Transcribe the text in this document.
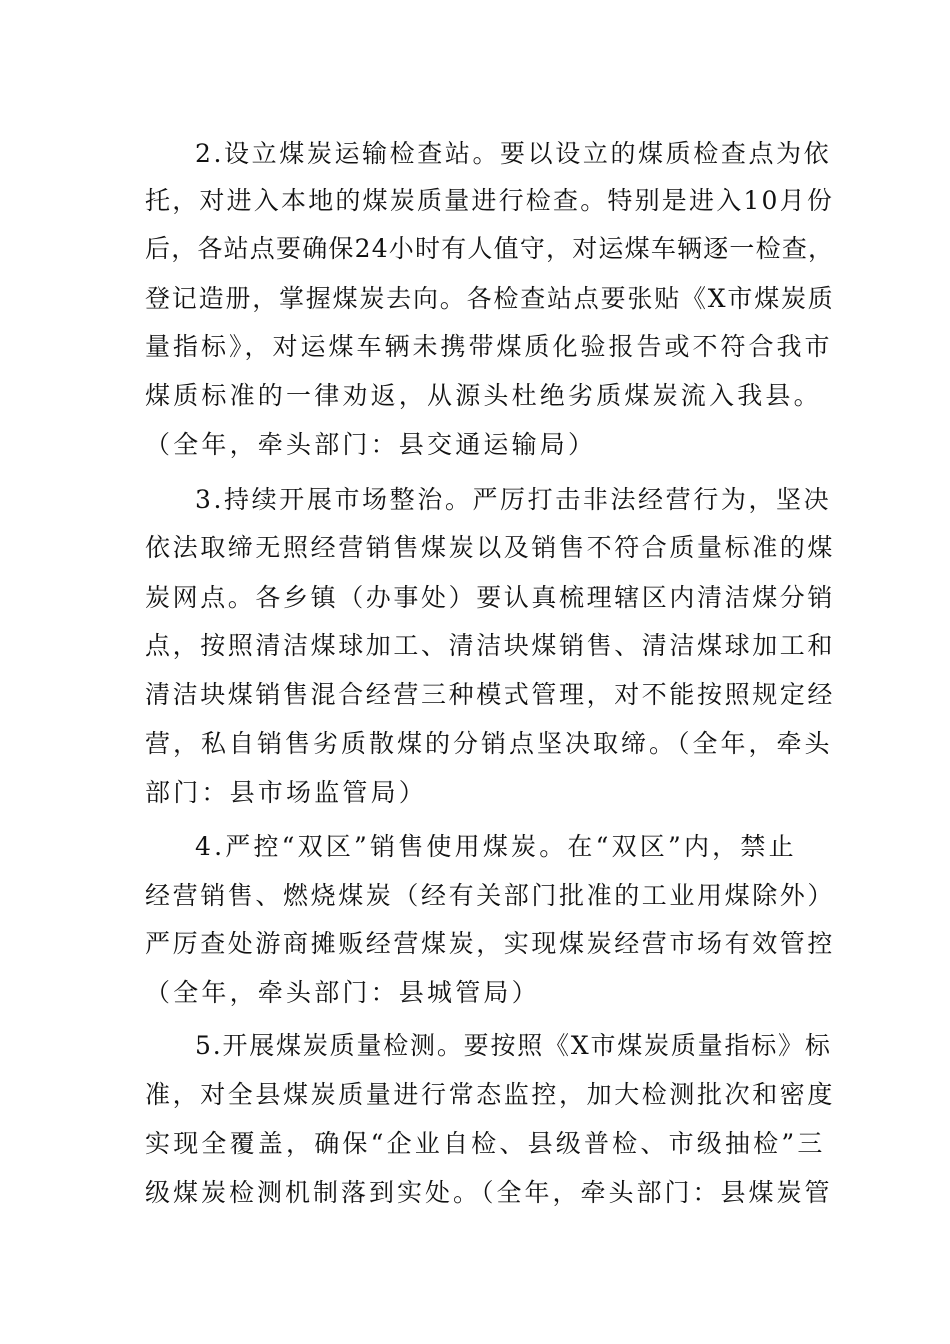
2.设立煤炭运输检查站。要以设立的煤质检查点为依
托，对进入本地的煤炭质量进行检查。特别是进入10月份
后，各站点要确保24小时有人值守，对运煤车辆逐一检查，
登记造册，掌握煤炭去向。各检查站点要张贴《X市煤炭质
量指标》，对运煤车辆未携带煤质化验报告或不符合我市
煤质标准的一律劝返，从源头杜绝劣质煤炭流入我县。
（全年，牵头部门：县交通运输局）
3.持续开展市场整治。严厉打击非法经营行为，坚决
依法取缔无照经营销售煤炭以及销售不符合质量标准的煤
炭网点。各乡镇（办事处）要认真梳理辖区内清洁煤分销
点，按照清洁煤球加工、清洁块煤销售、清洁煤球加工和
清洁块煤销售混合经营三种模式管理，对不能按照规定经
营，私自销售劣质散煤的分销点坚决取缔。（全年，牵头
部门：县市场监管局）
4.严控“双区”销售使用煤炭。在“双区”内，禁止
经营销售、燃烧煤炭（经有关部门批准的工业用煤除外）
严厉查处游商摊贩经营煤炭，实现煤炭经营市场有效管控
（全年，牵头部门：县城管局）
5.开展煤炭质量检测。要按照《X市煤炭质量指标》标
准，对全县煤炭质量进行常态监控，加大检测批次和密度
实现全覆盖，确保“企业自检、县级普检、市级抽检”三
级煤炭检测机制落到实处。（全年，牵头部门：县煤炭管
